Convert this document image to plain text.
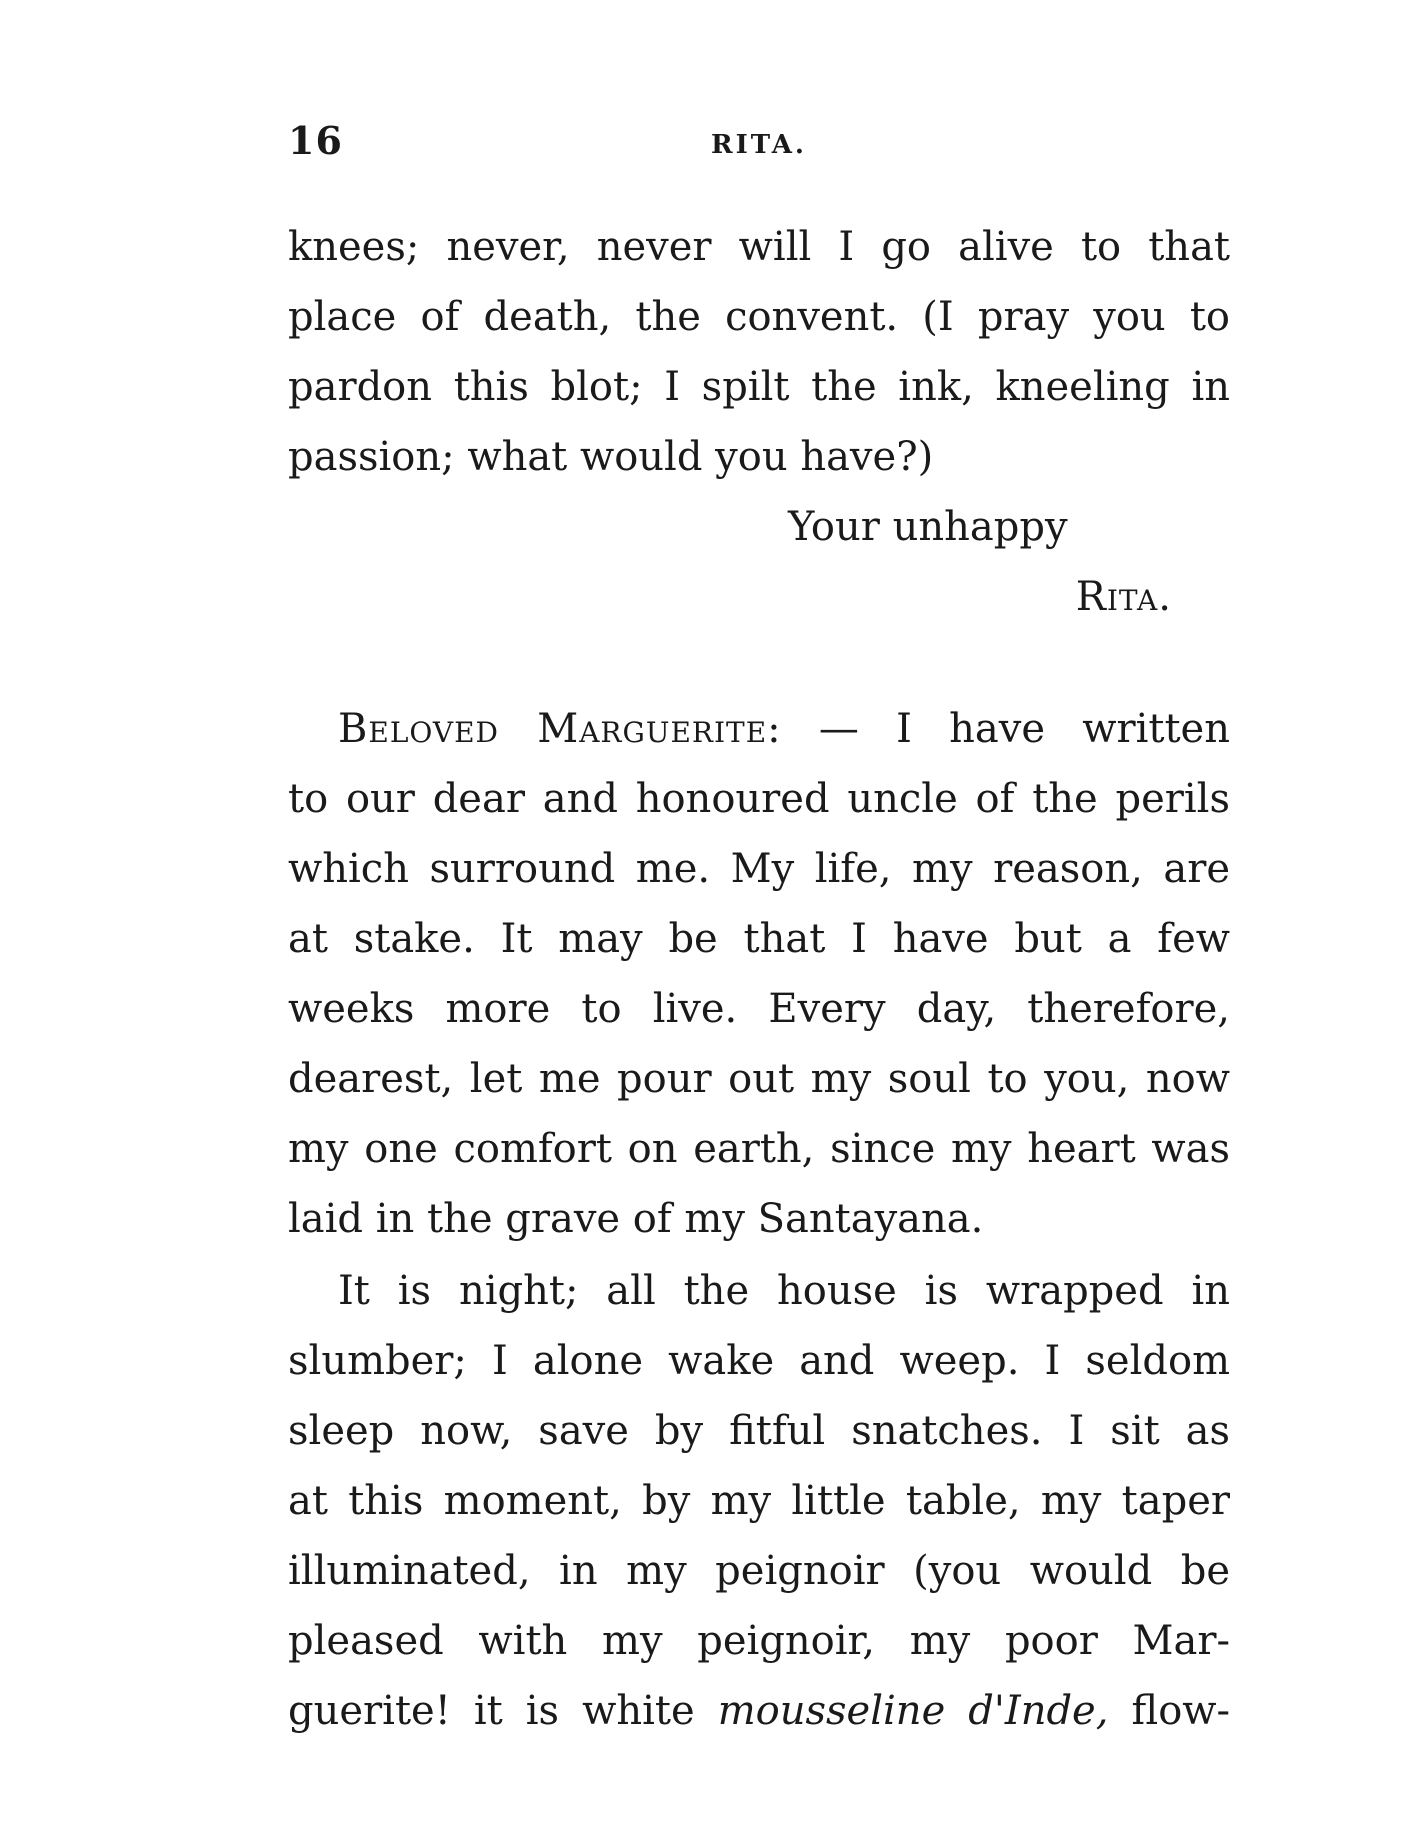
16	RITA.
knees; never, never will I go alive to that
place of death, the convent. (I pray you to
pardon this blot; I spilt the ink, kneeling in
passion; what would you have?)
Your unhappy
Rita.
Beloved Marguerite: — I have written
to our dear and honoured uncle of the perils
which surround me. My life, my reason, are
at stake. It may be that I have but a few
weeks more to live. Every day, therefore,
dearest, let me pour out my soul to you, now
my one comfort on earth, since my heart was
laid in the grave of my Santayana.
It is night; all the house is wrapped in
slumber; I alone wake and weep. I seldom
sleep now, save by fitful snatches. I sit as
at this moment, by my little table, my taper
illuminated, in my peignoir (you would be
pleased with my peignoir, my poor Mar-
guerite! it is white mousseline d'Inde, flow-
